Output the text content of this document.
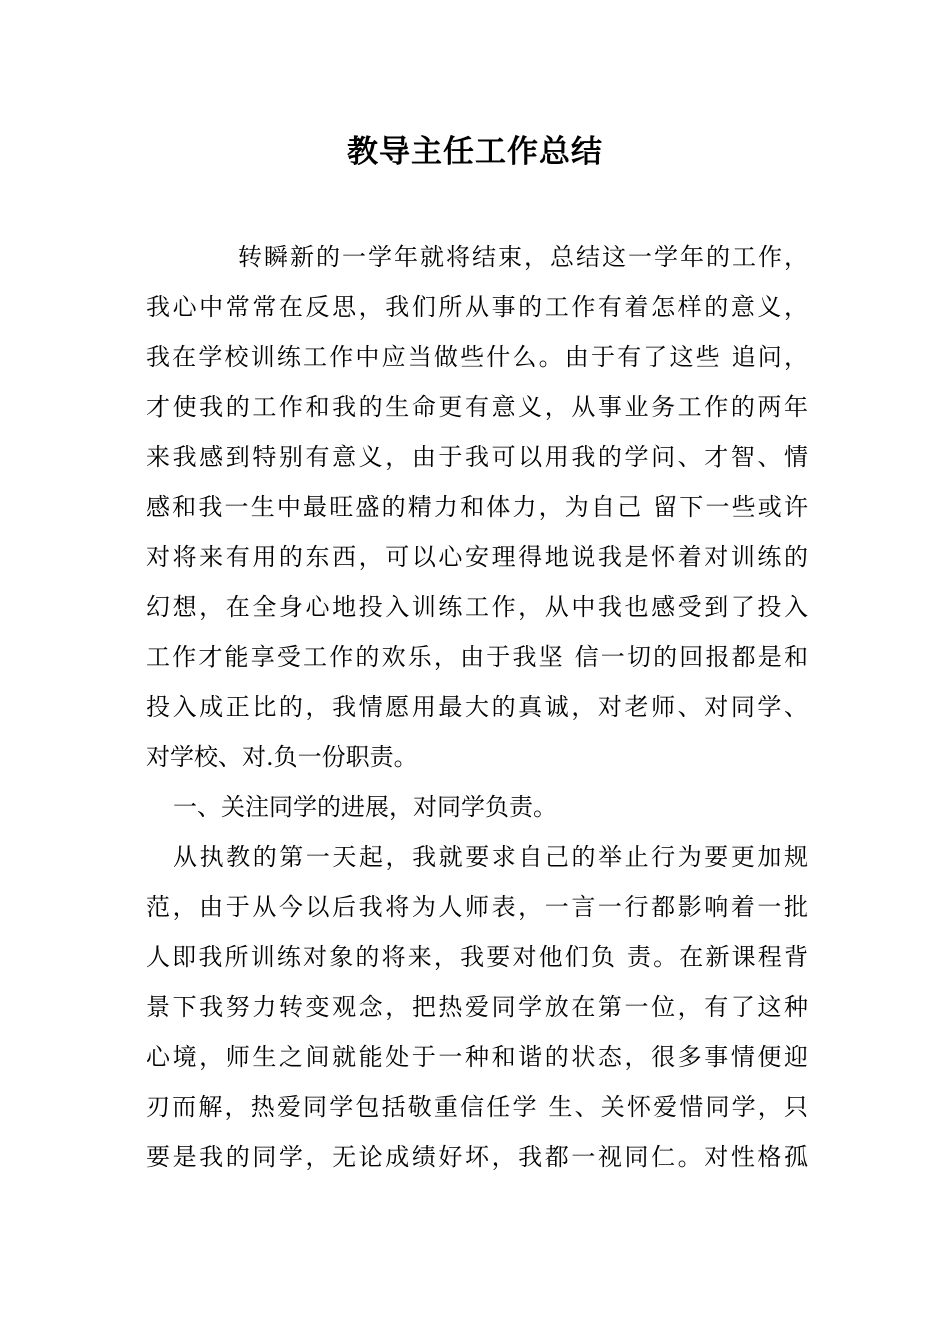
教导主任工作总结
转瞬新的一学年就将结束，总结这一学年的工作，
我心中常常在反思，我们所从事的工作有着怎样的意义，
我在学校训练工作中应当做些什么。由于有了这些 追问，
才使我的工作和我的生命更有意义，从事业务工作的两年
来我感到特别有意义，由于我可以用我的学问、才智、情
感和我一生中最旺盛的精力和体力，为自己 留下一些或许
对将来有用的东西，可以心安理得地说我是怀着对训练的
幻想，在全身心地投入训练工作，从中我也感受到了投入
工作才能享受工作的欢乐，由于我坚 信一切的回报都是和
投入成正比的，我情愿用最大的真诚，对老师、对同学、
对学校、对.负一份职责。
一、关注同学的进展，对同学负责。
从执教的第一天起，我就要求自己的举止行为要更加规
范，由于从今以后我将为人师表，一言一行都影响着一批
人即我所训练对象的将来，我要对他们负 责。在新课程背
景下我努力转变观念，把热爱同学放在第一位，有了这种
心境，师生之间就能处于一种和谐的状态，很多事情便迎
刃而解，热爱同学包括敬重信任学 生、关怀爱惜同学，只
要是我的同学，无论成绩好坏，我都一视同仁。对性格孤
